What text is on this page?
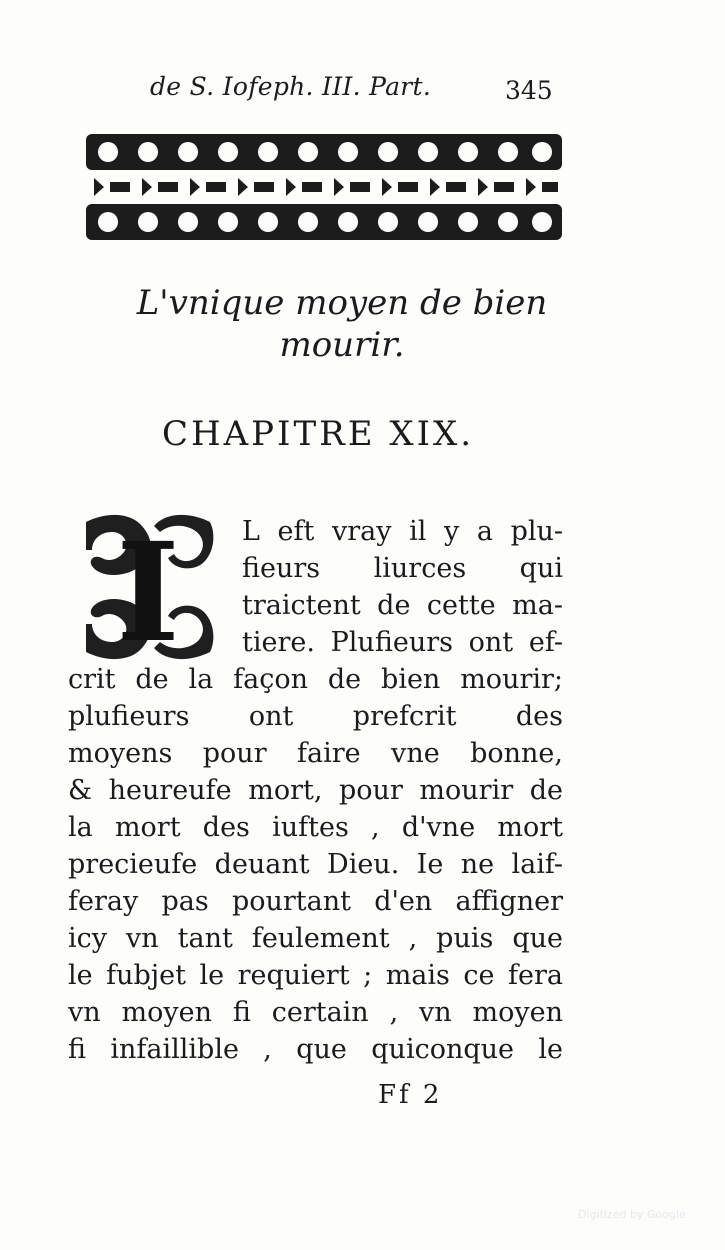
de S. Iofeph. III. Part.	345
L'vnique moyen de bien
mourir.
CHAPITRE XIX.
I L eft vray il y a plu-
fieurs liurces qui
traictent de cette ma-
tiere. Plufieurs ont ef-
crit de la façon de bien mourir;
plufieurs ont prefcrit des
moyens pour faire vne bonne,
& heureufe mort, pour mourir de
la mort des iuftes , d'vne mort
precieufe deuant Dieu. Ie ne laif-
feray pas pourtant d'en affigner
icy vn tant feulement , puis que
le fubjet le requiert ; mais ce fera
vn moyen fi certain , vn moyen
fi infaillible , que quiconque le
Ff 2
Digitized by Google
